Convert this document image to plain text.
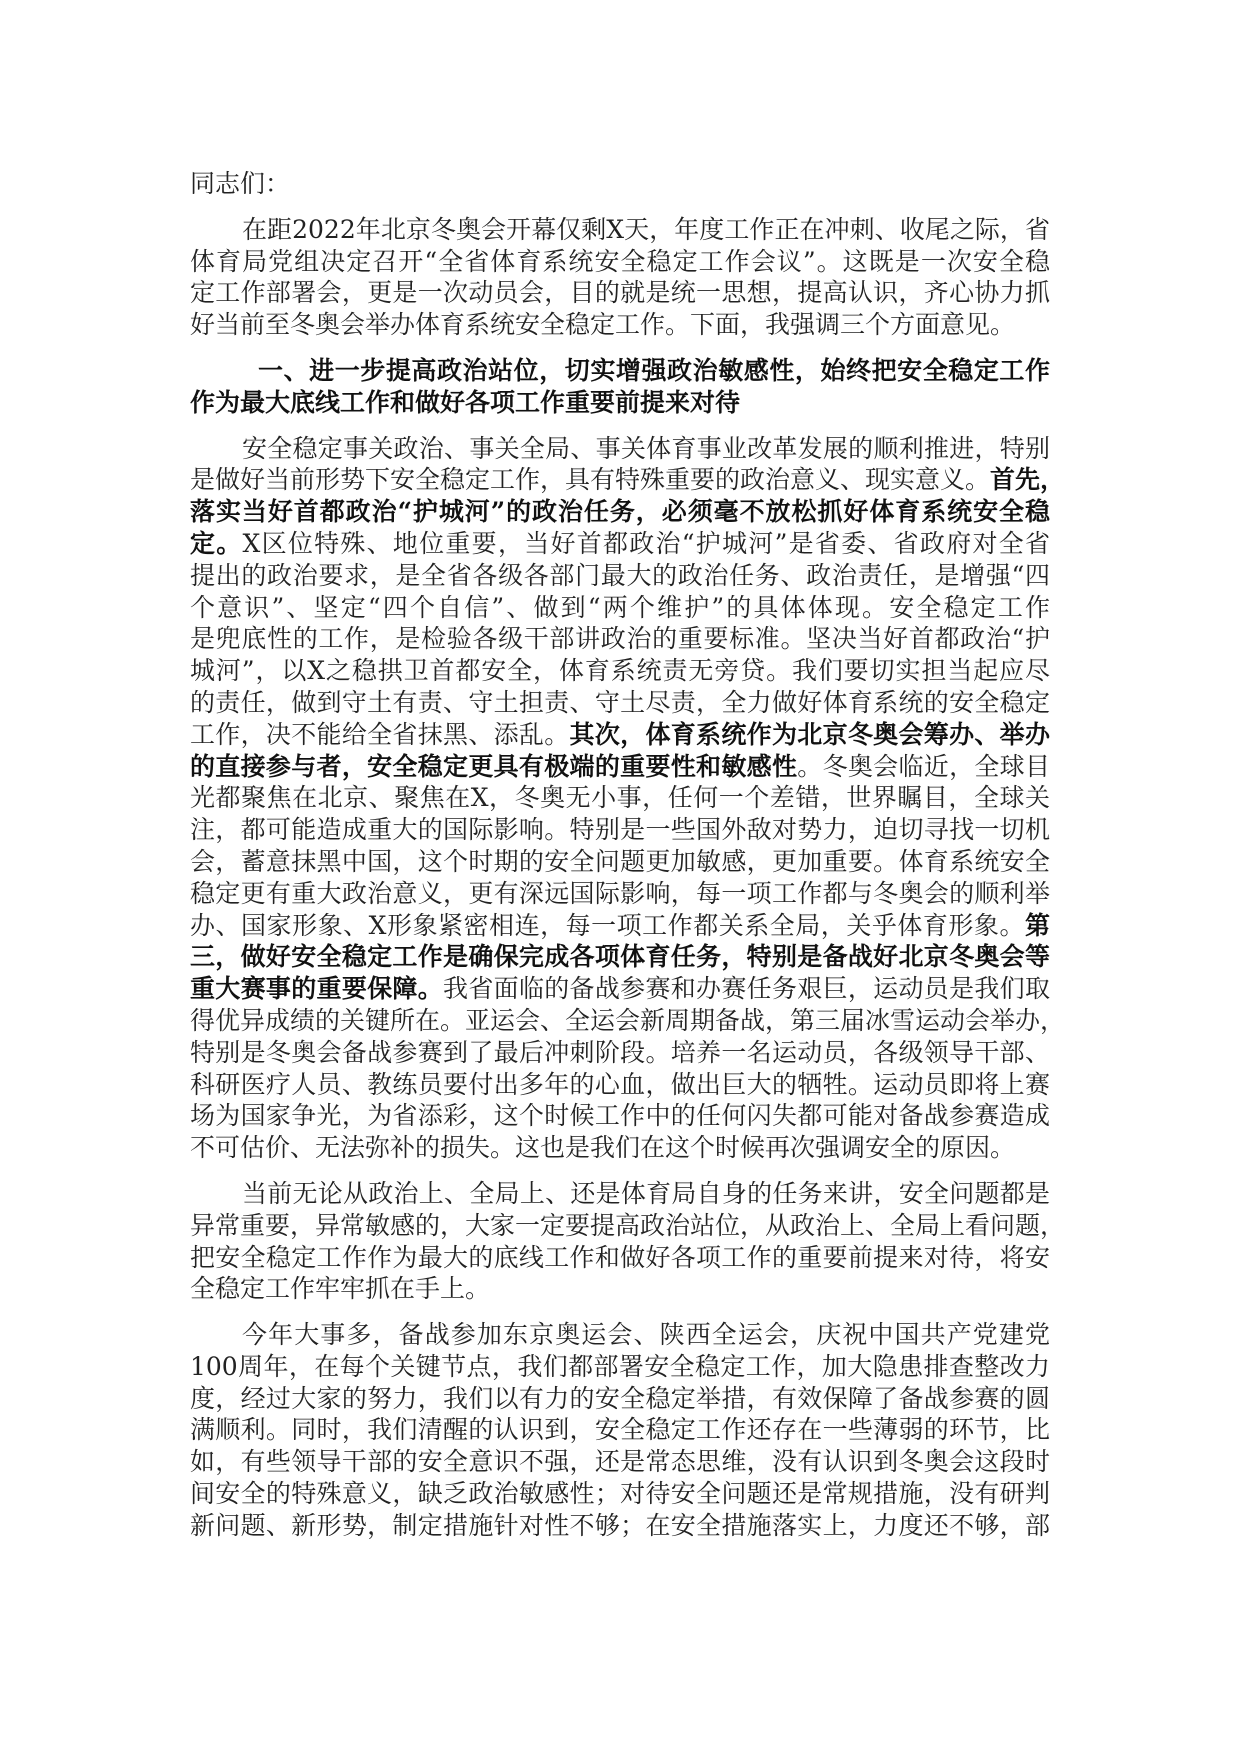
同志们：
在距2022年北京冬奥会开幕仅剩X天，年度工作正在冲刺、收尾之际，省
体育局党组决定召开“全省体育系统安全稳定工作会议”。这既是一次安全稳
定工作部署会，更是一次动员会，目的就是统一思想，提高认识，齐心协力抓
好当前至冬奥会举办体育系统安全稳定工作。下面，我强调三个方面意见。
一、进一步提高政治站位，切实增强政治敏感性，始终把安全稳定工作
作为最大底线工作和做好各项工作重要前提来对待
安全稳定事关政治、事关全局、事关体育事业改革发展的顺利推进，特别
是做好当前形势下安全稳定工作，具有特殊重要的政治意义、现实意义。首先，
落实当好首都政治“护城河”的政治任务，必须毫不放松抓好体育系统安全稳
定。X区位特殊、地位重要，当好首都政治“护城河”是省委、省政府对全省
提出的政治要求，是全省各级各部门最大的政治任务、政治责任，是增强“四
个意识”、坚定“四个自信”、做到“两个维护”的具体体现。安全稳定工作
是兜底性的工作，是检验各级干部讲政治的重要标准。坚决当好首都政治“护
城河”，以X之稳拱卫首都安全，体育系统责无旁贷。我们要切实担当起应尽
的责任，做到守土有责、守土担责、守土尽责，全力做好体育系统的安全稳定
工作，决不能给全省抹黑、添乱。其次，体育系统作为北京冬奥会筹办、举办
的直接参与者，安全稳定更具有极端的重要性和敏感性。冬奥会临近，全球目
光都聚焦在北京、聚焦在X，冬奥无小事，任何一个差错，世界瞩目，全球关
注，都可能造成重大的国际影响。特别是一些国外敌对势力，迫切寻找一切机
会，蓄意抹黑中国，这个时期的安全问题更加敏感，更加重要。体育系统安全
稳定更有重大政治意义，更有深远国际影响，每一项工作都与冬奥会的顺利举
办、国家形象、X形象紧密相连，每一项工作都关系全局，关乎体育形象。第
三，做好安全稳定工作是确保完成各项体育任务，特别是备战好北京冬奥会等
重大赛事的重要保障。我省面临的备战参赛和办赛任务艰巨，运动员是我们取
得优异成绩的关键所在。亚运会、全运会新周期备战，第三届冰雪运动会举办，
特别是冬奥会备战参赛到了最后冲刺阶段。培养一名运动员，各级领导干部、
科研医疗人员、教练员要付出多年的心血，做出巨大的牺牲。运动员即将上赛
场为国家争光，为省添彩，这个时候工作中的任何闪失都可能对备战参赛造成
不可估价、无法弥补的损失。这也是我们在这个时候再次强调安全的原因。
当前无论从政治上、全局上、还是体育局自身的任务来讲，安全问题都是
异常重要，异常敏感的，大家一定要提高政治站位，从政治上、全局上看问题，
把安全稳定工作作为最大的底线工作和做好各项工作的重要前提来对待，将安
全稳定工作牢牢抓在手上。
今年大事多，备战参加东京奥运会、陕西全运会，庆祝中国共产党建党
100周年，在每个关键节点，我们都部署安全稳定工作，加大隐患排查整改力
度，经过大家的努力，我们以有力的安全稳定举措，有效保障了备战参赛的圆
满顺利。同时，我们清醒的认识到，安全稳定工作还存在一些薄弱的环节，比
如，有些领导干部的安全意识不强，还是常态思维，没有认识到冬奥会这段时
间安全的特殊意义，缺乏政治敏感性；对待安全问题还是常规措施，没有研判
新问题、新形势，制定措施针对性不够；在安全措施落实上，力度还不够，部
